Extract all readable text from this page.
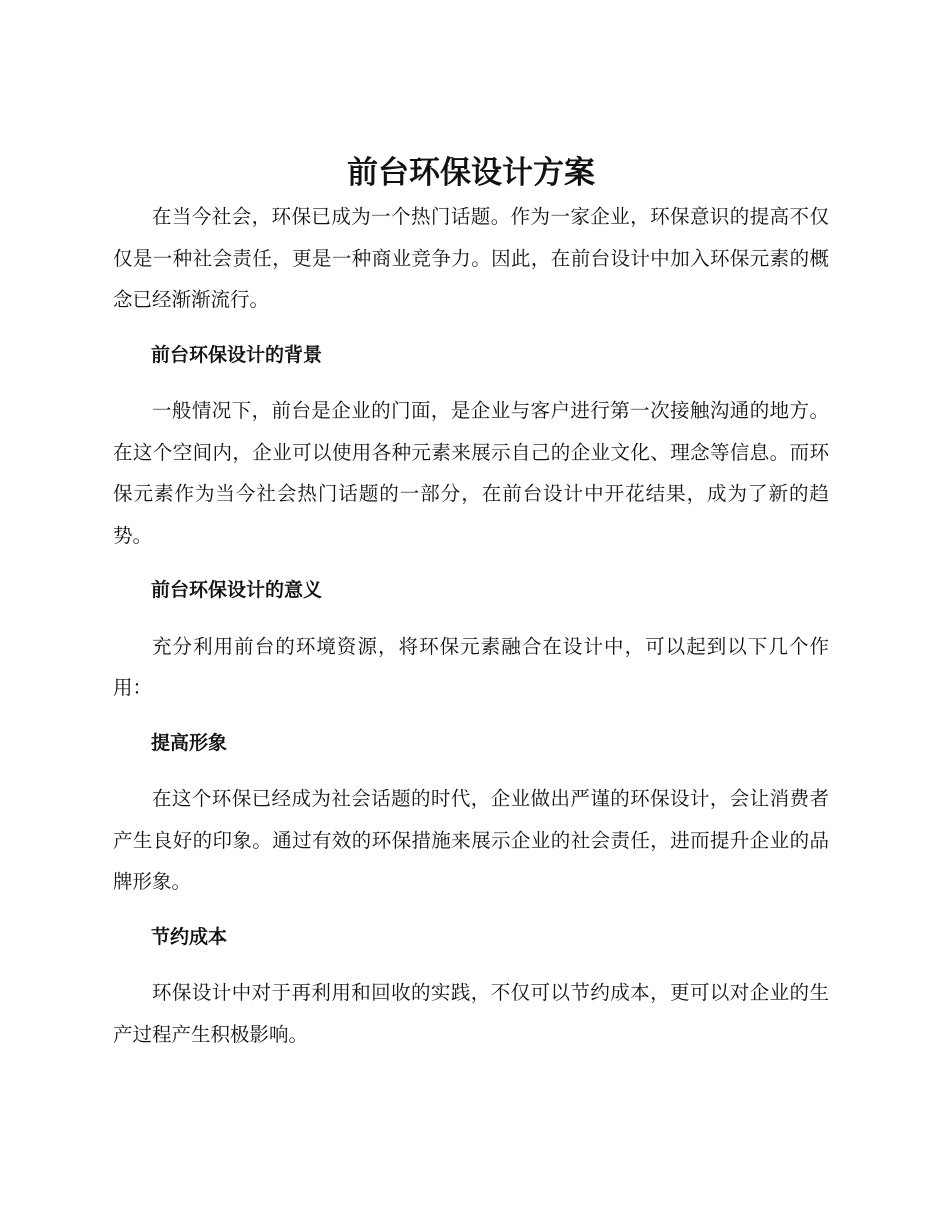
前台环保设计方案

在当今社会，环保已成为一个热门话题。作为一家企业，环保意识的提高不仅仅是一种社会责任，更是一种商业竞争力。因此，在前台设计中加入环保元素的概念已经渐渐流行。

前台环保设计的背景

一般情况下，前台是企业的门面，是企业与客户进行第一次接触沟通的地方。在这个空间内，企业可以使用各种元素来展示自己的企业文化、理念等信息。而环保元素作为当今社会热门话题的一部分，在前台设计中开花结果，成为了新的趋势。

前台环保设计的意义

充分利用前台的环境资源，将环保元素融合在设计中，可以起到以下几个作用：

提高形象

在这个环保已经成为社会话题的时代，企业做出严谨的环保设计，会让消费者产生良好的印象。通过有效的环保措施来展示企业的社会责任，进而提升企业的品牌形象。

节约成本

环保设计中对于再利用和回收的实践，不仅可以节约成本，更可以对企业的生产过程产生积极影响。
